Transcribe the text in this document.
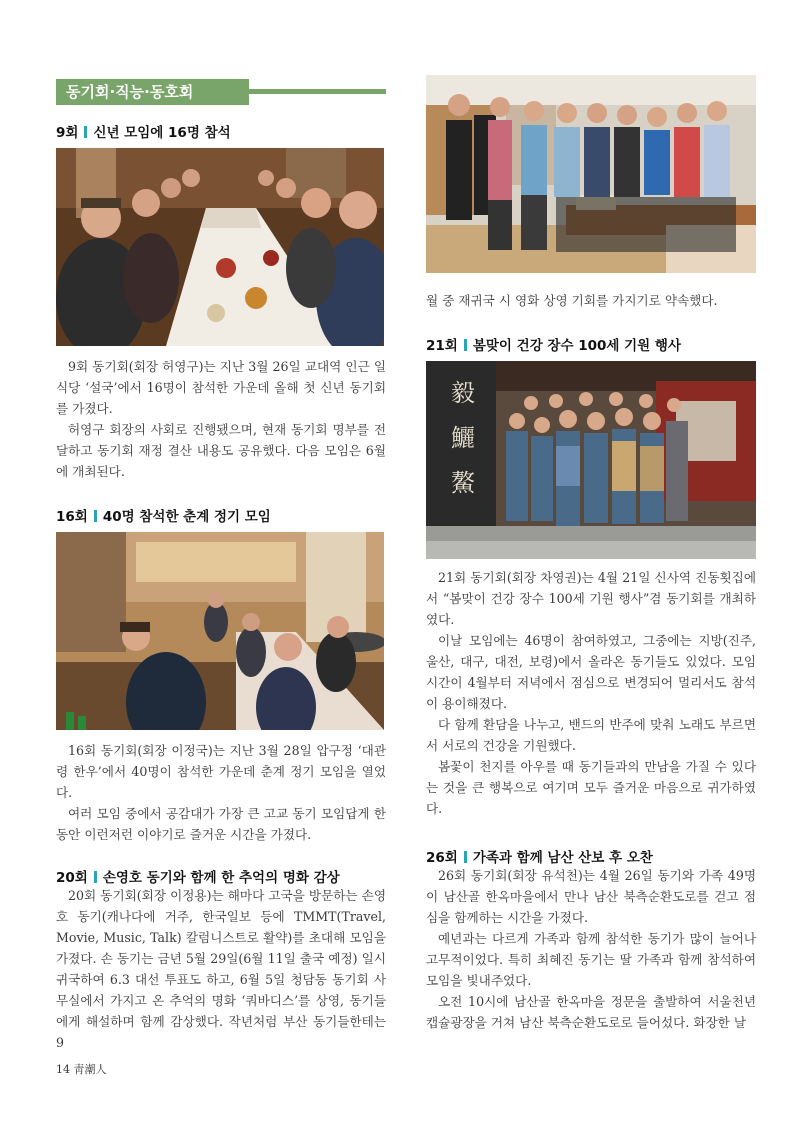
동기회·직능·동호회
9회 신년 모임에 16명 참석
9회 동기회(회장 허영구)는 지난 3월 26일 교대역 인근 일식당 ‘설국’에서 16명이 참석한 가운데 올해 첫 신년 동기회를 가졌다.
허영구 회장의 사회로 진행됐으며, 현재 동기회 명부를 전달하고 동기회 재정 결산 내용도 공유했다. 다음 모임은 6월에 개최된다.
16회 40명 참석한 춘계 정기 모임
16회 동기회(회장 이정국)는 지난 3월 28일 압구정 ‘대관령 한우’에서 40명이 참석한 가운데 춘계 정기 모임을 열었다.
여러 모임 중에서 공감대가 가장 큰 고교 동기 모임답게 한동안 이런저런 이야기로 즐거운 시간을 가졌다.
20회 손영호 동기와 함께 한 추억의 명화 감상
20회 동기회(회장 이정용)는 해마다 고국을 방문하는 손영호 동기(캐나다에 거주, 한국일보 등에 TMMT(Travel, Movie, Music, Talk) 칼럼니스트로 활약)를 초대해 모임을 가졌다. 손 동기는 금년 5월 29일(6월 11일 출국 예정) 일시 귀국하여 6.3 대선 투표도 하고, 6월 5일 청담동 동기회 사무실에서 가지고 온 추억의 명화 ‘쿼바디스’를 상영, 동기들에게 해설하며 함께 감상했다. 작년처럼 부산 동기들한테는 9
월 중 재귀국 시 영화 상영 기회를 가지기로 약속했다.
21회 봄맞이 건강 장수 100세 기원 행사
毅
鱺
鰲
21회 동기회(회장 차영권)는 4월 21일 신사역 진동횟집에서 “봄맞이 건강 장수 100세 기원 행사”겸 동기회를 개최하였다.
이날 모임에는 46명이 참여하였고, 그중에는 지방(진주, 울산, 대구, 대전, 보령)에서 올라온 동기들도 있었다. 모임 시간이 4월부터 저녁에서 점심으로 변경되어 멀리서도 참석이 용이해졌다.
다 함께 환담을 나누고, 밴드의 반주에 맞춰 노래도 부르면서 서로의 건강을 기원했다.
봄꽃이 천지를 아우를 때 동기들과의 만남을 가질 수 있다는 것을 큰 행복으로 여기며 모두 즐거운 마음으로 귀가하였다.
26회 가족과 함께 남산 산보 후 오찬
26회 동기회(회장 유석천)는 4월 26일 동기와 가족 49명이 남산골 한옥마을에서 만나 남산 북측순환도로를 걷고 점심을 함께하는 시간을 가졌다.
예년과는 다르게 가족과 함께 참석한 동기가 많이 늘어나 고무적이었다. 특히 최혜진 동기는 딸 가족과 함께 참석하여 모임을 빛내주었다.
오전 10시에 남산골 한옥마을 정문을 출발하여 서울천년 캡슐광장을 거쳐 남산 북측순환도로로 들어섰다. 화장한 날
14 靑潮人
